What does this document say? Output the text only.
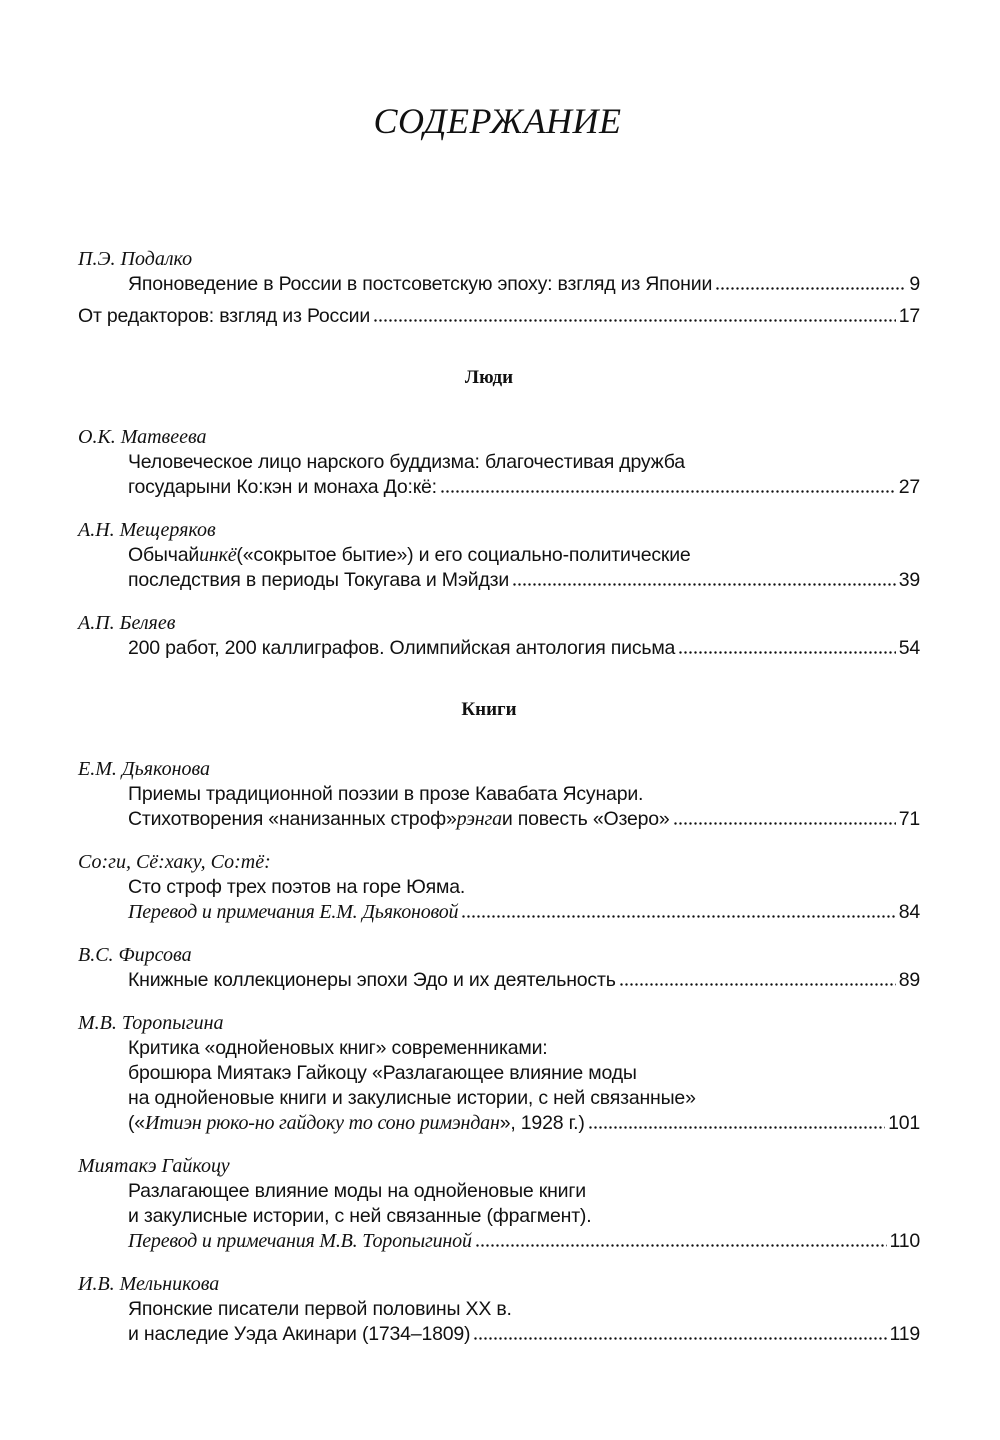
СОДЕРЖАНИЕ
П.Э. Подалко
Японоведение в России в постсоветскую эпоху: взгляд из Японии	9
От редакторов: взгляд из России	17
Люди
О.К. Матвеева
Человеческое лицо нарского буддизма: благочестивая дружба
государыни Ко:кэн и монаха До:кё:	27
А.Н. Мещеряков
Обычай инкё («сокрытое бытие») и его социально-политические
последствия в периоды Токугава и Мэйдзи	39
А.П. Беляев
200 работ, 200 каллиграфов. Олимпийская антология письма	54
Книги
Е.М. Дьяконова
Приемы традиционной поэзии в прозе Кавабата Ясунари.
Стихотворения «нанизанных строф» рэнга и повесть «Озеро»	71
Со:ги, Сё:хаку, Со:тё:
Сто строф трех поэтов на горе Юяма.
Перевод и примечания Е.М. Дьяконовой	84
В.С. Фирсова
Книжные коллекционеры эпохи Эдо и их деятельность	89
М.В. Торопыгина
Критика «однойеновых книг» современниками:
брошюра Миятакэ Гайкоцу «Разлагающее влияние моды
на однойеновые книги и закулисные истории, с ней связанные»
(« Итиэн рюко-но гайдоку то соно римэндан », 1928 г.)	101
Миятакэ Гайкоцу
Разлагающее влияние моды на однойеновые книги
и закулисные истории, с ней связанные (фрагмент).
Перевод и примечания М.В. Торопыгиной	110
И.В. Мельникова
Японские писатели первой половины XX в.
и наследие Уэда Акинари (1734–1809)	119
